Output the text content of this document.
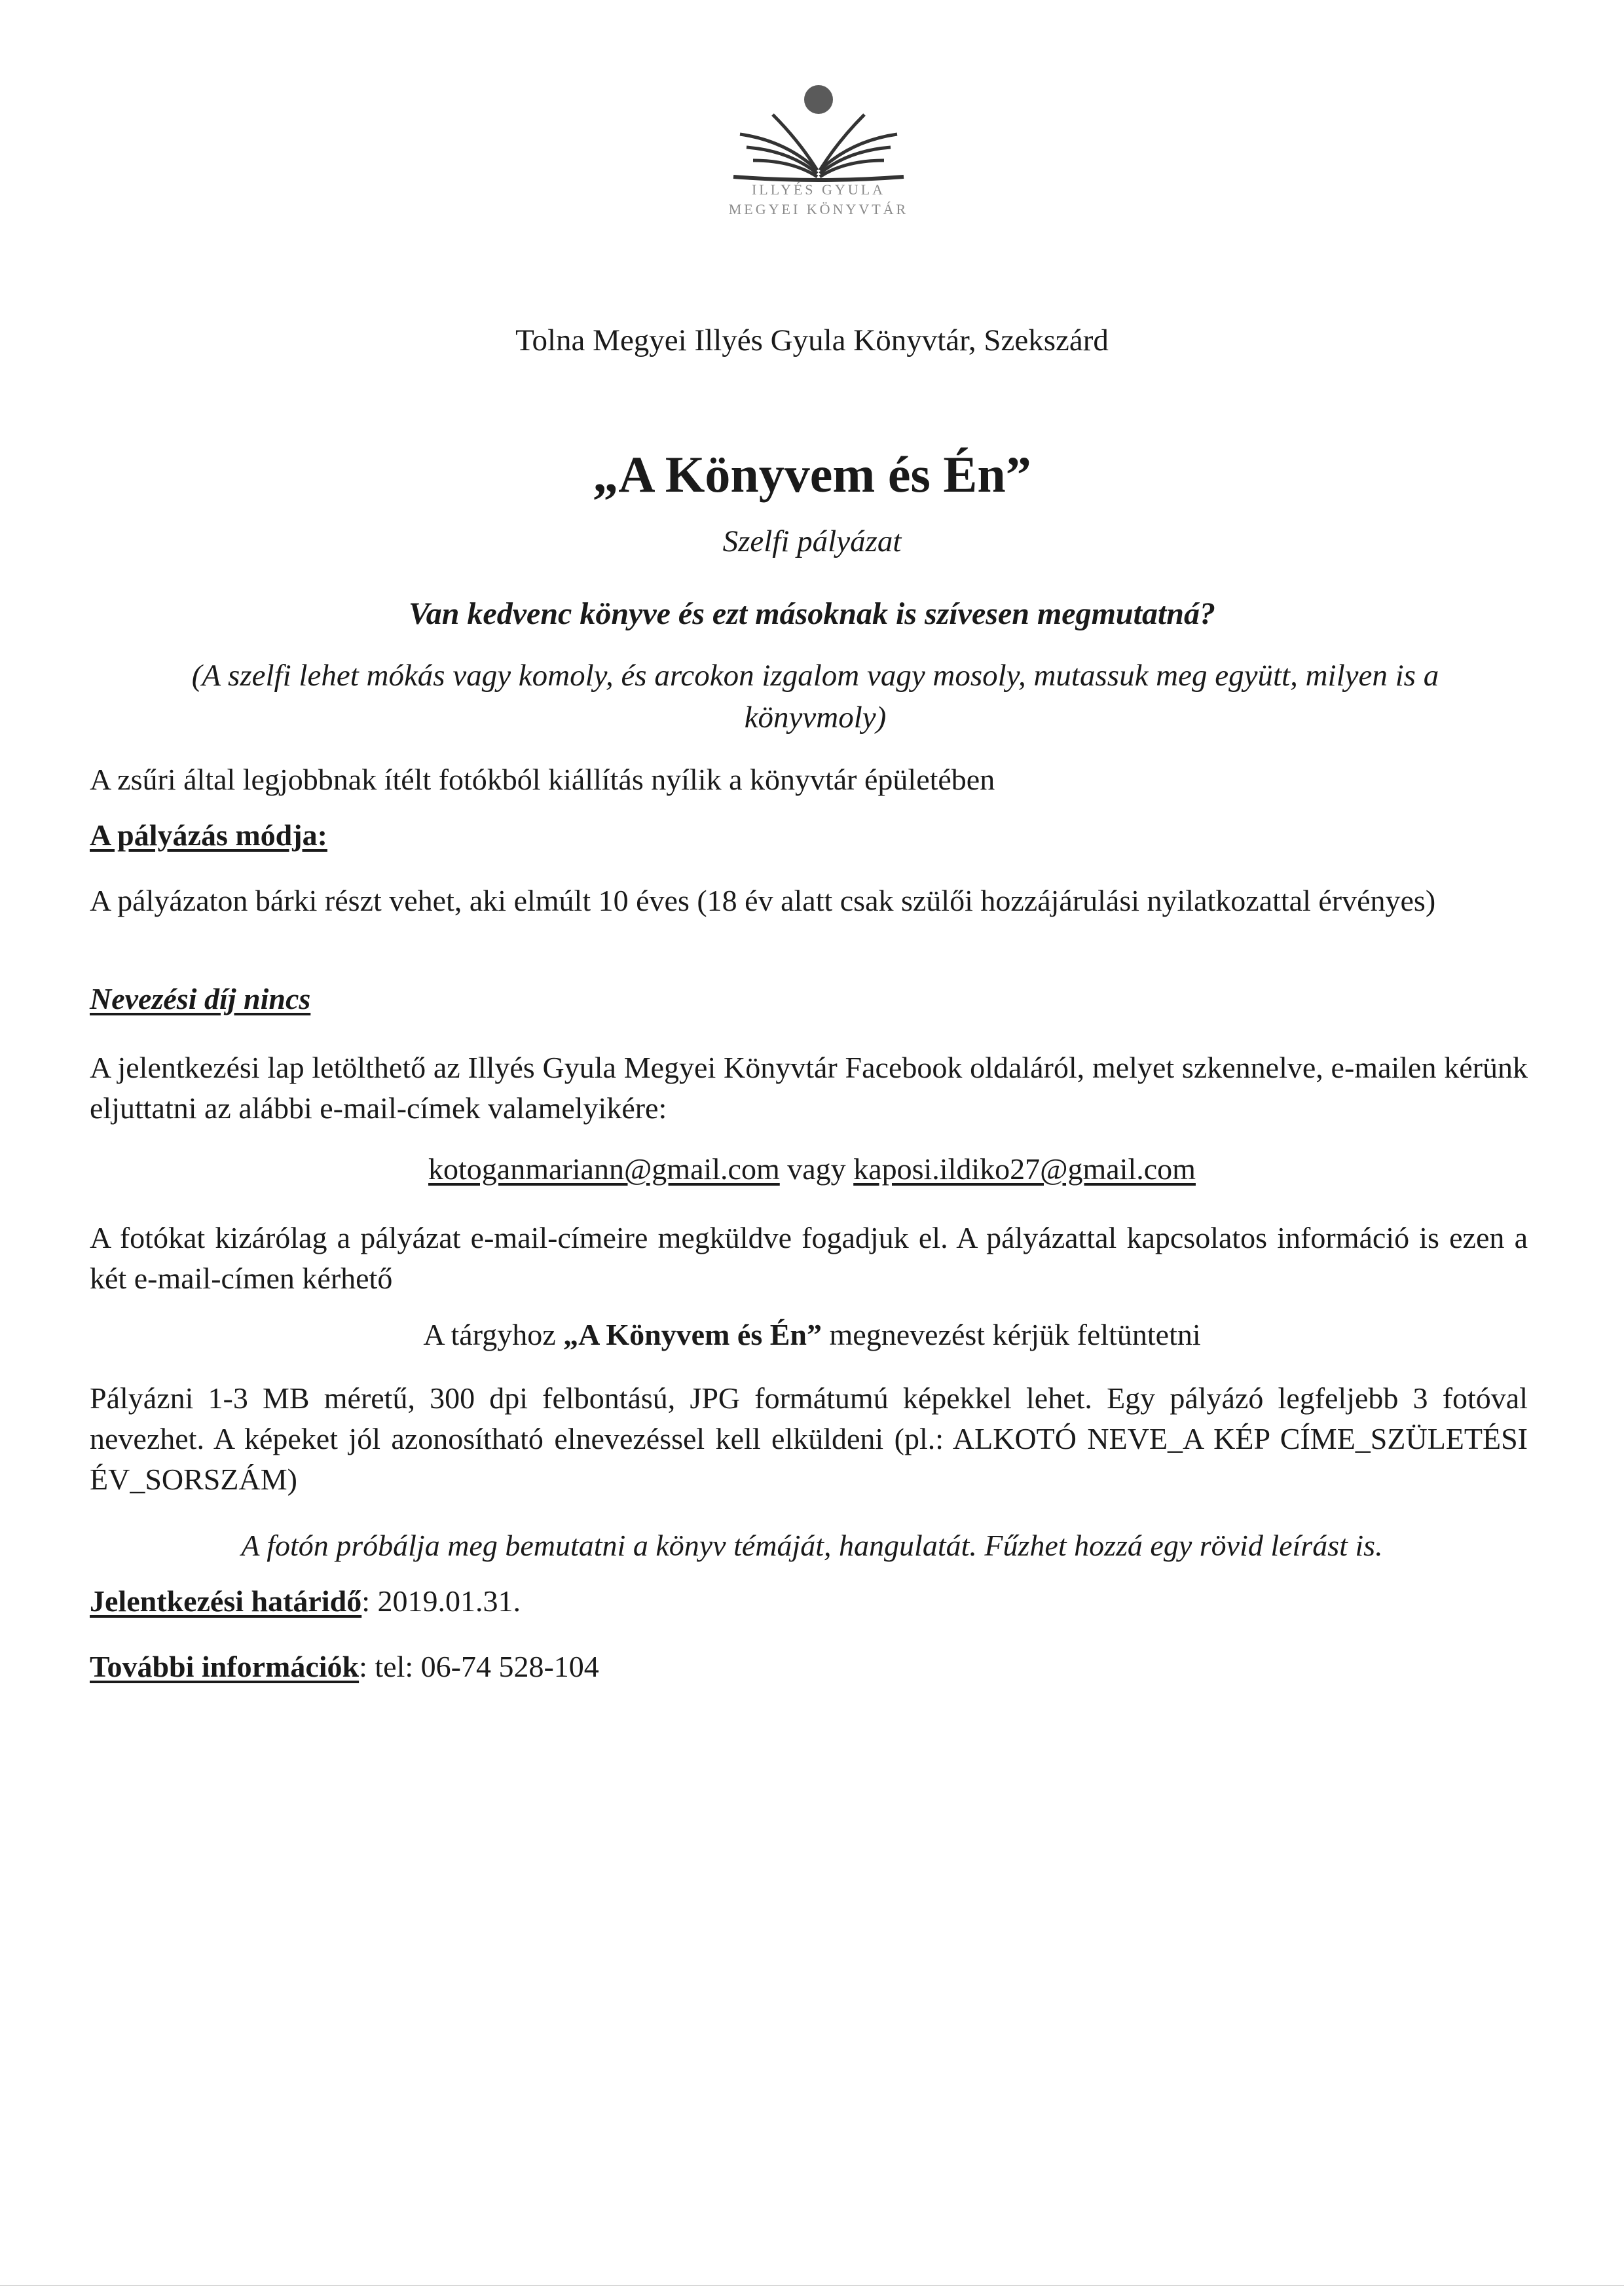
ILLYÉS GYULA
MEGYEI KÖNYVTÁR
Tolna Megyei Illyés Gyula Könyvtár, Szekszárd
„A Könyvem és Én”
Szelfi pályázat
Van kedvenc könyve és ezt másoknak is szívesen megmutatná?
(A szelfi lehet mókás vagy komoly, és arcokon izgalom vagy mosoly, mutassuk meg együtt, milyen is a könyvmoly)
A zsűri által legjobbnak ítélt fotókból kiállítás nyílik a könyvtár épületében
A pályázás módja:
A pályázaton bárki részt vehet, aki elmúlt 10 éves (18 év alatt csak szülői hozzájárulási nyilatkozattal érvényes)
Nevezési díj nincs
A jelentkezési lap letölthető az Illyés Gyula Megyei Könyvtár Facebook oldaláról, melyet szkennelve, e-mailen kérünk eljuttatni az alábbi e-mail-címek valamelyikére:
kotoganmariann@gmail.com vagy kaposi.ildiko27@gmail.com
A fotókat kizárólag a pályázat e-mail-címeire megküldve fogadjuk el. A pályázattal kapcsolatos információ is ezen a két e-mail-címen kérhető
A tárgyhoz „A Könyvem és Én” megnevezést kérjük feltüntetni
Pályázni 1-3 MB méretű, 300 dpi felbontású, JPG formátumú képekkel lehet. Egy pályázó legfeljebb 3 fotóval nevezhet. A képeket jól azonosítható elnevezéssel kell elküldeni (pl.: ALKOTÓ NEVE_A KÉP CÍME_SZÜLETÉSI ÉV_SORSZÁM)
A fotón próbálja meg bemutatni a könyv témáját, hangulatát. Fűzhet hozzá egy rövid leírást is.
Jelentkezési határidő: 2019.01.31.
További információk: tel: 06-74 528-104
